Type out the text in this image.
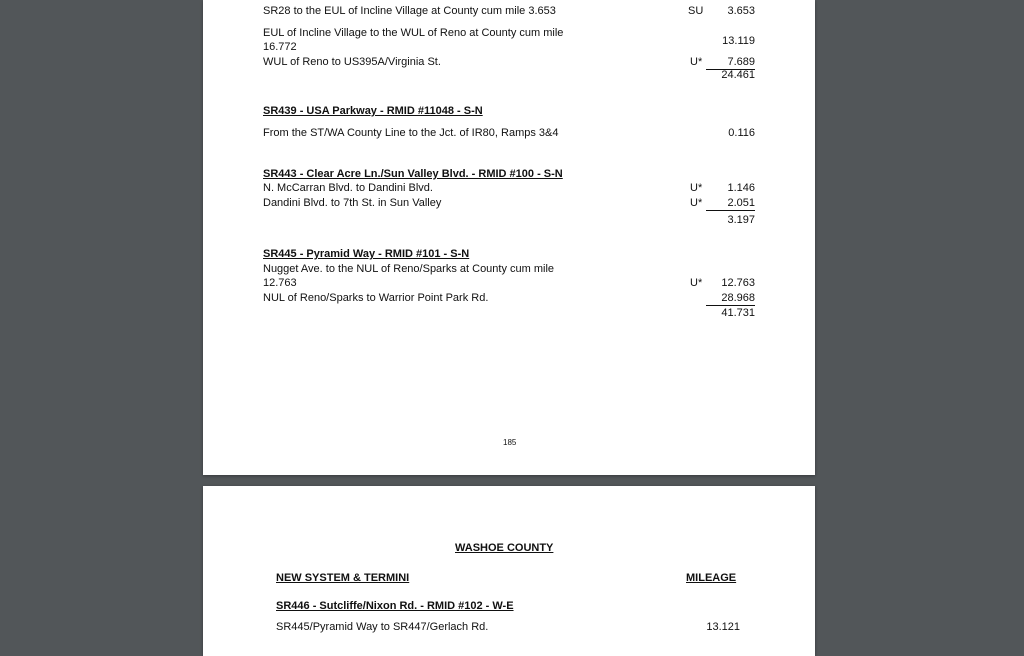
SR28 to the EUL of Incline Village at County cum mile 3.653	SU	3.653
EUL of Incline Village to the WUL of Reno at County cum mile
16.772	13.119
WUL of Reno to US395A/Virginia St.	U*	7.689
24.461
SR439 - USA Parkway - RMID #11048 - S-N
From the ST/WA County Line to the Jct. of IR80, Ramps 3&4	0.116
SR443 - Clear Acre Ln./Sun Valley Blvd. - RMID #100 - S-N
N. McCarran Blvd. to Dandini Blvd.	U*	1.146
Dandini Blvd. to 7th St. in Sun Valley	U*	2.051
3.197
SR445 - Pyramid Way - RMID #101 - S-N
Nugget Ave. to the NUL of Reno/Sparks at County cum mile
12.763	U*	12.763
NUL of Reno/Sparks to Warrior Point Park Rd.	28.968
41.731
185
WASHOE COUNTY
NEW SYSTEM & TERMINI	MILEAGE
SR446 - Sutcliffe/Nixon Rd. - RMID #102 - W-E
SR445/Pyramid Way to SR447/Gerlach Rd.	13.121
